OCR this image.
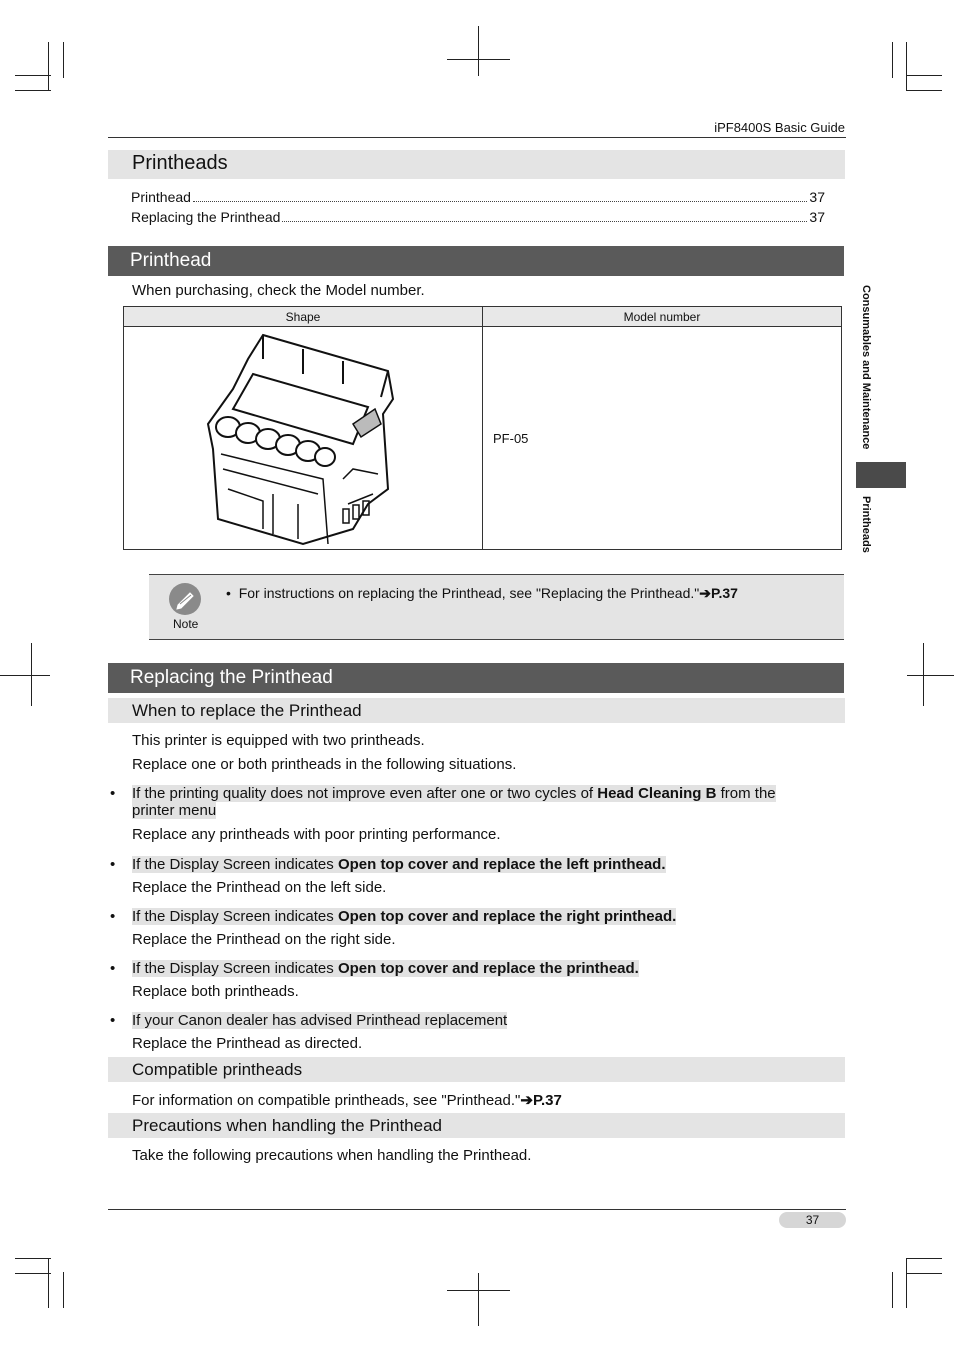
iPF8400S Basic Guide
Printheads
Printhead	37
Replacing the Printhead	37
Printhead
When purchasing, check the Model number.
Shape	Model number

	PF-05
Note
•  For instructions on replacing the Printhead, see "Replacing the Printhead."➔P.37
Replacing the Printhead
When to replace the Printhead
This printer is equipped with two printheads.
Replace one or both printheads in the following situations.
• If the printing quality does not improve even after one or two cycles of Head Cleaning B from the
printer menu
Replace any printheads with poor printing performance.
• If the Display Screen indicates Open top cover and replace the left printhead.
Replace the Printhead on the left side.
• If the Display Screen indicates Open top cover and replace the right printhead.
Replace the Printhead on the right side.
• If the Display Screen indicates Open top cover and replace the printhead.
Replace both printheads.
• If your Canon dealer has advised Printhead replacement
Replace the Printhead as directed.
Compatible printheads
For information on compatible printheads, see "Printhead."➔P.37
Precautions when handling the Printhead
Take the following precautions when handling the Printhead.
Consumables and Maintenance
Printheads
37
